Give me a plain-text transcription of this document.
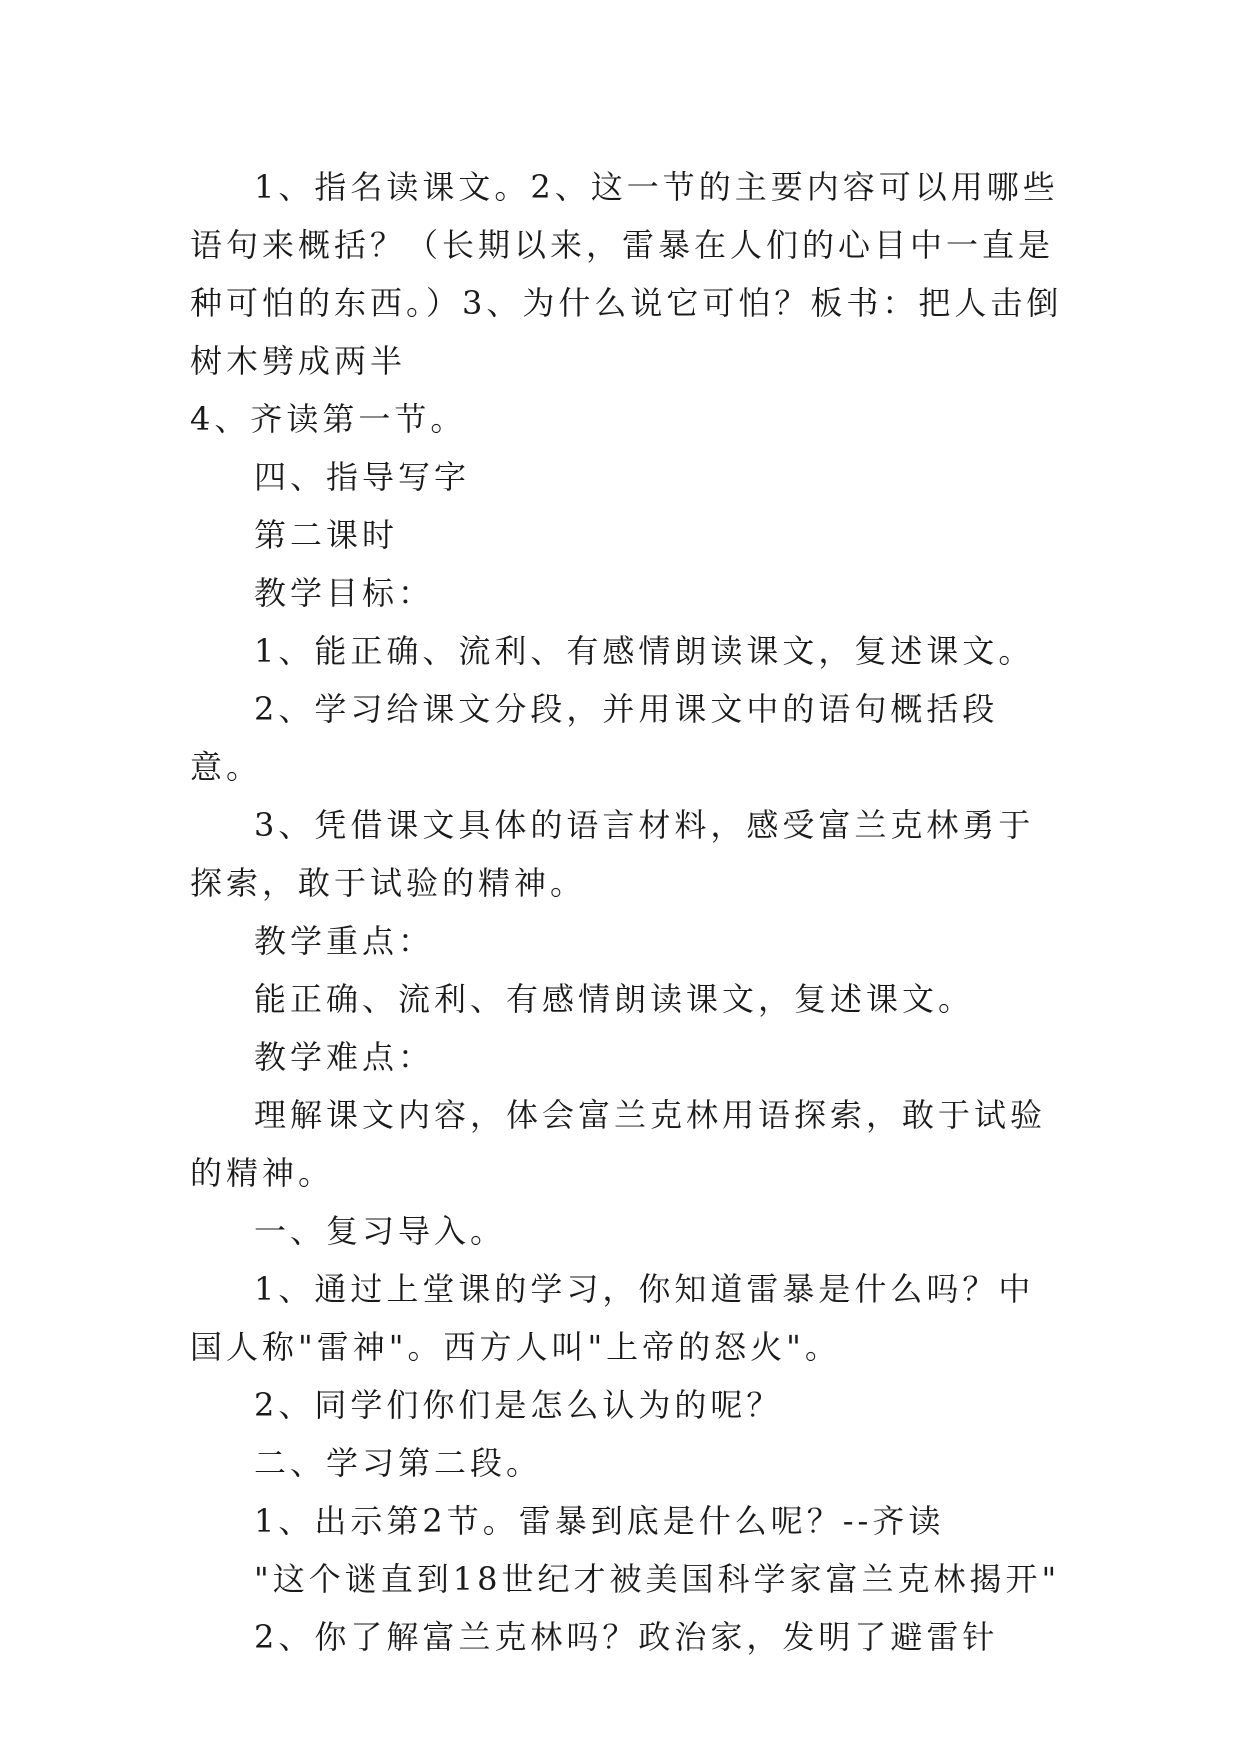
1、指名读课文。2、这一节的主要内容可以用哪些语句来概括？（长期以来，雷暴在人们的心目中一直是种可怕的东西。）3、为什么说它可怕？板书：把人击倒树木劈成两半

4、齐读第一节。

四、指导写字

第二课时

教学目标：

1、能正确、流利、有感情朗读课文，复述课文。

2、学习给课文分段，并用课文中的语句概括段意。

3、凭借课文具体的语言材料，感受富兰克林勇于探索，敢于试验的精神。

教学重点：

能正确、流利、有感情朗读课文，复述课文。

教学难点：

理解课文内容，体会富兰克林用语探索，敢于试验的精神。

一、复习导入。

1、通过上堂课的学习，你知道雷暴是什么吗？中国人称"雷神"。西方人叫"上帝的怒火"。

2、同学们你们是怎么认为的呢？

二、学习第二段。

1、出示第2节。雷暴到底是什么呢？--齐读

"这个谜直到18世纪才被美国科学家富兰克林揭开"

2、你了解富兰克林吗？政治家，发明了避雷针
